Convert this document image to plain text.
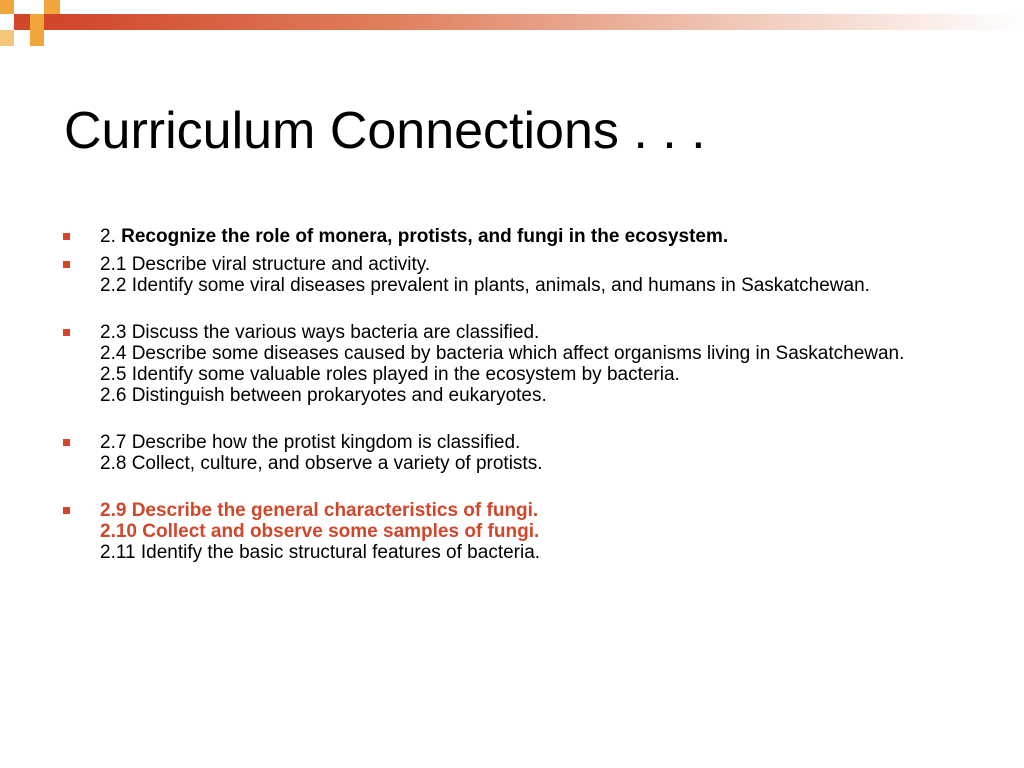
Curriculum Connections . . .
2. Recognize the role of monera, protists, and fungi in the ecosystem.
2.1 Describe viral structure and activity.
2.2 Identify some viral diseases prevalent in plants, animals, and humans in Saskatchewan.
2.3 Discuss the various ways bacteria are classified.
2.4 Describe some diseases caused by bacteria which affect organisms living in Saskatchewan.
2.5 Identify some valuable roles played in the ecosystem by bacteria.
2.6 Distinguish between prokaryotes and eukaryotes.
2.7 Describe how the protist kingdom is classified.
2.8 Collect, culture, and observe a variety of protists.
2.9 Describe the general characteristics of fungi.
2.10 Collect and observe some samples of fungi.
2.11 Identify the basic structural features of bacteria.
